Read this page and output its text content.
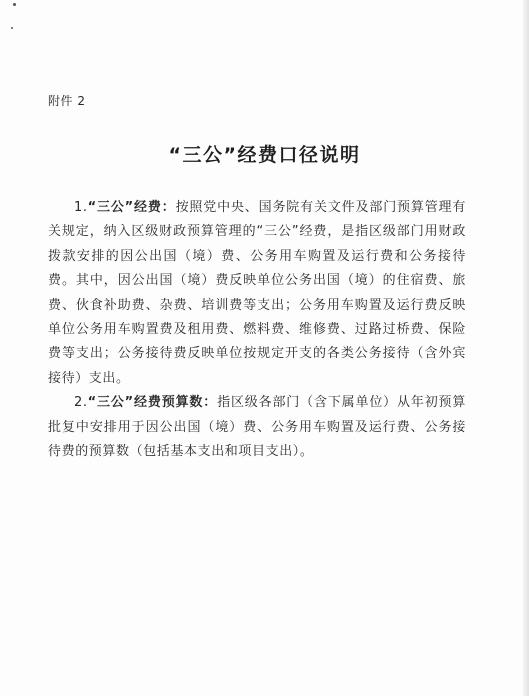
附件 2
“三公”经费口径说明

1.“三公”经费：按照党中央、国务院有关文件及部门预算管理有关规定，纳入区级财政预算管理的“三公”经费，是指区级部门用财政拨款安排的因公出国（境）费、公务用车购置及运行费和公务接待费。其中，因公出国（境）费反映单位公务出国（境）的住宿费、旅费、伙食补助费、杂费、培训费等支出；公务用车购置及运行费反映单位公务用车购置费及租用费、燃料费、维修费、过路过桥费、保险费等支出；公务接待费反映单位按规定开支的各类公务接待（含外宾接待）支出。

2.“三公”经费预算数：指区级各部门（含下属单位）从年初预算批复中安排用于因公出国（境）费、公务用车购置及运行费、公务接待费的预算数（包括基本支出和项目支出）。
